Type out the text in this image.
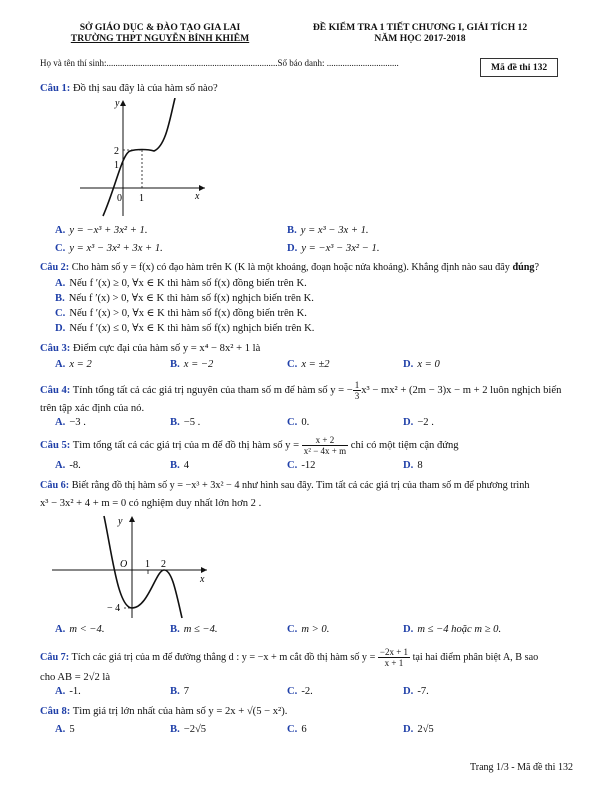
SỞ GIÁO DỤC & ĐÀO TẠO GIA LAI
TRƯỜNG THPT NGUYỄN BỈNH KHIÊM
ĐỀ KIỂM TRA 1 TIẾT CHƯƠNG I, GIẢI TÍCH 12
NĂM HỌC 2017-2018
Họ và tên thí sinh:............................................................................Số báo danh: ................................	Mã đề thi 132
Câu 1: Đồ thị sau đây là của hàm số nào?
y
x
0
1
2
1
A. y = −x³ + 3x² + 1.	B. y = x³ − 3x + 1.
C. y = x³ − 3x² + 3x + 1.	D. y = −x³ − 3x² − 1.
Câu 2: Cho hàm số y = f(x) có đạo hàm trên K (K là một khoảng, đoạn hoặc nửa khoảng). Khẳng định nào sau đây đúng?
A. Nếu f ′(x) ≥ 0, ∀x ∈ K thì hàm số f(x) đồng biến trên K.
B. Nếu f ′(x) > 0, ∀x ∈ K thì hàm số f(x) nghịch biến trên K.
C. Nếu f ′(x) > 0, ∀x ∈ K thì hàm số f(x) đồng biến trên K.
D. Nếu f ′(x) ≤ 0, ∀x ∈ K thì hàm số f(x) nghịch biến trên K.
Câu 3: Điểm cực đại của hàm số y = x⁴ − 8x² + 1 là
A. x = 2	B. x = −2	C. x = ±2	D. x = 0
Câu 4: Tính tổng tất cả các giá trị nguyên của tham số m để hàm số y = − $\frac{1}{3} x^3 - mx^2 + (2m - 3)x - m + 2$ luôn nghịch biến
trên tập xác định của nó.
A. −3 .	B. −5 .	C. 0.	D. −2 .
Câu 5: Tìm tổng tất cả các giá trị của m để đồ thị hàm số $y = \frac{x + 2}{\text{x² − 4x + m}}$ chỉ có một tiệm cận đứng
A. -8.	B. 4	C. -12	D. 8
Câu 6: Biết rằng đồ thị hàm số y = −x³ + 3x² − 4 như hình sau đây. Tìm tất cả các giá trị của tham số m để phương trình
x³ − 3x² + 4 + m = 0 có nghiệm duy nhất lớn hơn 2 .
y
x
O 1 2
− 4
A. m < −4.	B. m ≤ −4.	C. m > 0.	D. m ≤ −4 hoặc m ≥ 0.
Câu 7: Tích các giá trị của m để đường thẳng d : y = −x + m cắt đồ thị hàm số $y = \frac{-2x + 1}{x + 1}$ tại hai điểm phân biệt A, B sao
cho AB = 2√2 là
A. -1.	B. 7	C. -2.	D. -7.
Câu 8: Tìm giá trị lớn nhất của hàm số y = 2x + √(5 − x²).
A. 5	B. −2√5	C. 6	D. 2√5
Trang 1/3 - Mã đề thi 132
